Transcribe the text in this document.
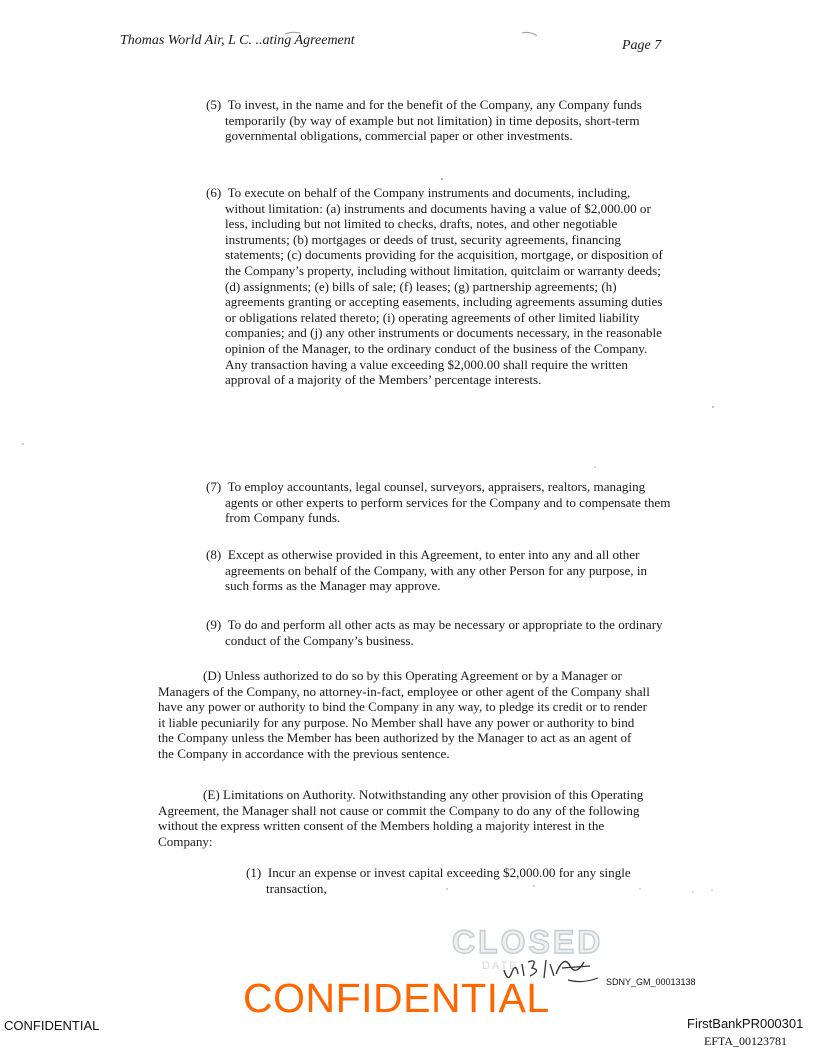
Thomas World Air, L C. ..ating Agreement	Page 7
(5) To invest, in the name and for the benefit of the Company, any Company funds temporarily (by way of example but not limitation) in time deposits, short-term governmental obligations, commercial paper or other investments.
(6) To execute on behalf of the Company instruments and documents, including, without limitation: (a) instruments and documents having a value of $2,000.00 or less, including but not limited to checks, drafts, notes, and other negotiable instruments; (b) mortgages or deeds of trust, security agreements, financing statements; (c) documents providing for the acquisition, mortgage, or disposition of the Company’s property, including without limitation, quitclaim or warranty deeds; (d) assignments; (e) bills of sale; (f) leases; (g) partnership agreements; (h) agreements granting or accepting easements, including agreements assuming duties or obligations related thereto; (i) operating agreements of other limited liability companies; and (j) any other instruments or documents necessary, in the reasonable opinion of the Manager, to the ordinary conduct of the business of the Company. Any transaction having a value exceeding $2,000.00 shall require the written approval of a majority of the Members’ percentage interests.
(7) To employ accountants, legal counsel, surveyors, appraisers, realtors, managing agents or other experts to perform services for the Company and to compensate them from Company funds.
(8) Except as otherwise provided in this Agreement, to enter into any and all other agreements on behalf of the Company, with any other Person for any purpose, in such forms as the Manager may approve.
(9) To do and perform all other acts as may be necessary or appropriate to the ordinary conduct of the Company’s business.

(D) Unless authorized to do so by this Operating Agreement or by a Manager or Managers of the Company, no attorney-in-fact, employee or other agent of the Company shall have any power or authority to bind the Company in any way, to pledge its credit or to render it liable pecuniarily for any purpose. No Member shall have any power or authority to bind the Company unless the Member has been authorized by the Manager to act as an agent of the Company in accordance with the previous sentence.

(E) Limitations on Authority. Notwithstanding any other provision of this Operating Agreement, the Manager shall not cause or commit the Company to do any of the following without the express written consent of the Members holding a majority interest in the Company:

(1) Incur an expense or invest capital exceeding $2,000.00 for any single transaction,
CLOSED
DATE
CONFIDENTIAL	SDNY_GM_00013138
CONFIDENTIAL	FirstBankPR000301
EFTA_00123781
